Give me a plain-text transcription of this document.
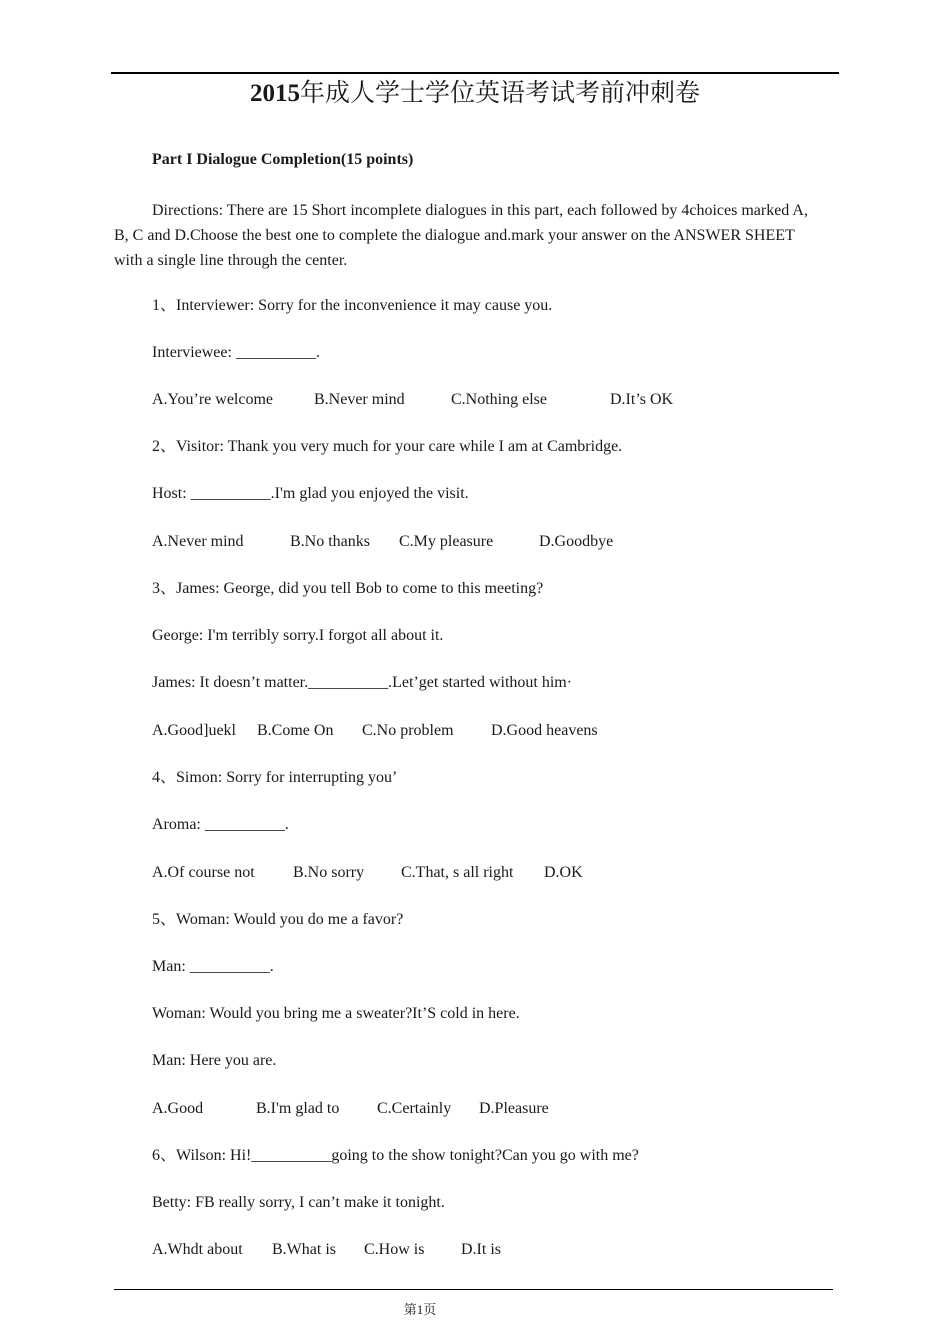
2015年成人学士学位英语考试考前冲刺卷
Part I Dialogue Completion(15 points)
Directions: There are 15 Short incomplete dialogues in this part, each followed by 4choices marked A, B, C and D.Choose the best one to complete the dialogue and.mark your answer on the ANSWER SHEET with a single line through the center.
1、Interviewer: Sorry for the inconvenience it may cause you.
Interviewee: __________.
A.You’re welcome	B.Never mind	C.Nothing else	D.It’s OK
2、Visitor: Thank you very much for your care while I am at Cambridge.
Host: __________.I'm glad you enjoyed the visit.
A.Never mind	B.No thanks C.My pleasure	D.Goodbye
3、James: George, did you tell Bob to come to this meeting?
George: I'm terribly sorry.I forgot all about it.
James: It doesn’t matter.__________.Let’get started without him·
A.Good]uekl B.Come On C.No problem D.Good heavens
4、Simon: Sorry for interrupting you’
Aroma: __________.
A.Of course not B.No sorry C.That, s all right D.OK
5、Woman: Would you do me a favor?
Man: __________.
Woman: Would you bring me a sweater?It’S cold in here.
Man: Here you are.
A.Good	B.I'm glad to C.Certainly D.Pleasure
6、Wilson: Hi!__________going to the show tonight?Can you go with me?
Betty: FB really sorry, I can’t make it tonight.
A.Whdt about B.What is C.How is D.It is
第1页
